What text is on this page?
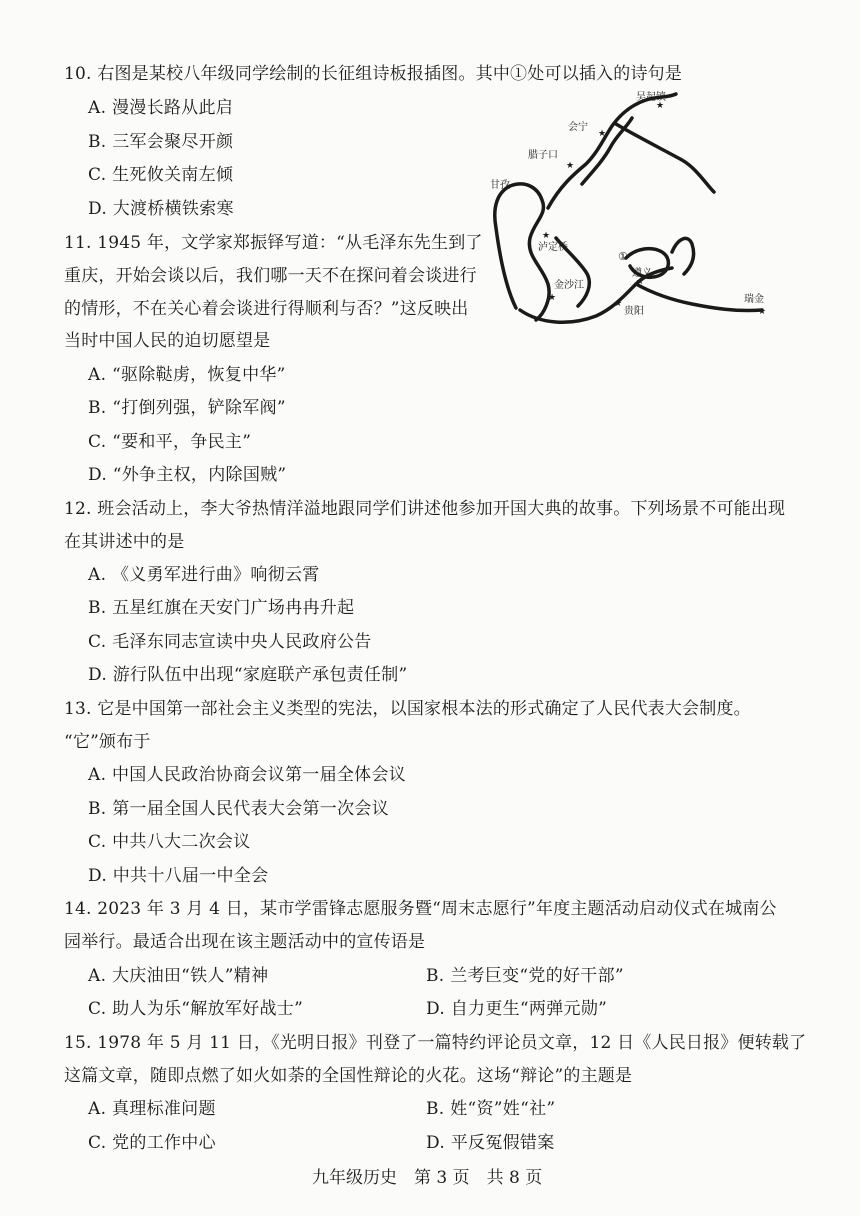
10. 右图是某校八年级同学绘制的长征组诗板报插图。其中①处可以插入的诗句是
A. 漫漫长路从此启
B. 三军会聚尽开颜
C. 生死攸关南左倾
D. 大渡桥横铁索寒
11. 1945 年，文学家郑振铎写道：“从毛泽东先生到了
重庆，开始会谈以后，我们哪一天不在探问着会谈进行
的情形，不在关心着会谈进行得顺利与否？”这反映出
当时中国人民的迫切愿望是
A. “驱除鞑虏，恢复中华”
B. “打倒列强，铲除军阀”
C. “要和平，争民主”
D. “外争主权，内除国贼”
12. 班会活动上，李大爷热情洋溢地跟同学们讲述他参加开国大典的故事。下列场景不可能出现
在其讲述中的是
A. 《义勇军进行曲》响彻云霄
B. 五星红旗在天安门广场冉冉升起
C. 毛泽东同志宣读中央人民政府公告
D. 游行队伍中出现“家庭联产承包责任制”
13. 它是中国第一部社会主义类型的宪法，以国家根本法的形式确定了人民代表大会制度。
“它”颁布于
A. 中国人民政治协商会议第一届全体会议
B. 第一届全国人民代表大会第一次会议
C. 中共八大二次会议
D. 中共十八届一中全会
14. 2023 年 3 月 4 日，某市学雷锋志愿服务暨“周末志愿行”年度主题活动启动仪式在城南公
园举行。最适合出现在该主题活动中的宣传语是
A. 大庆油田“铁人”精神	B. 兰考巨变“党的好干部”
C. 助人为乐“解放军好战士”	D. 自力更生“两弹元勋”
15. 1978 年 5 月 11 日，《光明日报》刊登了一篇特约评论员文章，12 日《人民日报》便转载了
这篇文章，随即点燃了如火如荼的全国性辩论的火花。这场“辩论”的主题是
A. 真理标准问题	B. 姓“资”姓“社”
C. 党的工作中心	D. 平反冤假错案
吴起镇
会宁
腊子口
甘孜
泸定桥
①
遵义
金沙江
贵阳
瑞金
★
★
★
★
★
★
★
★
九年级历史　第 3 页　共 8 页
